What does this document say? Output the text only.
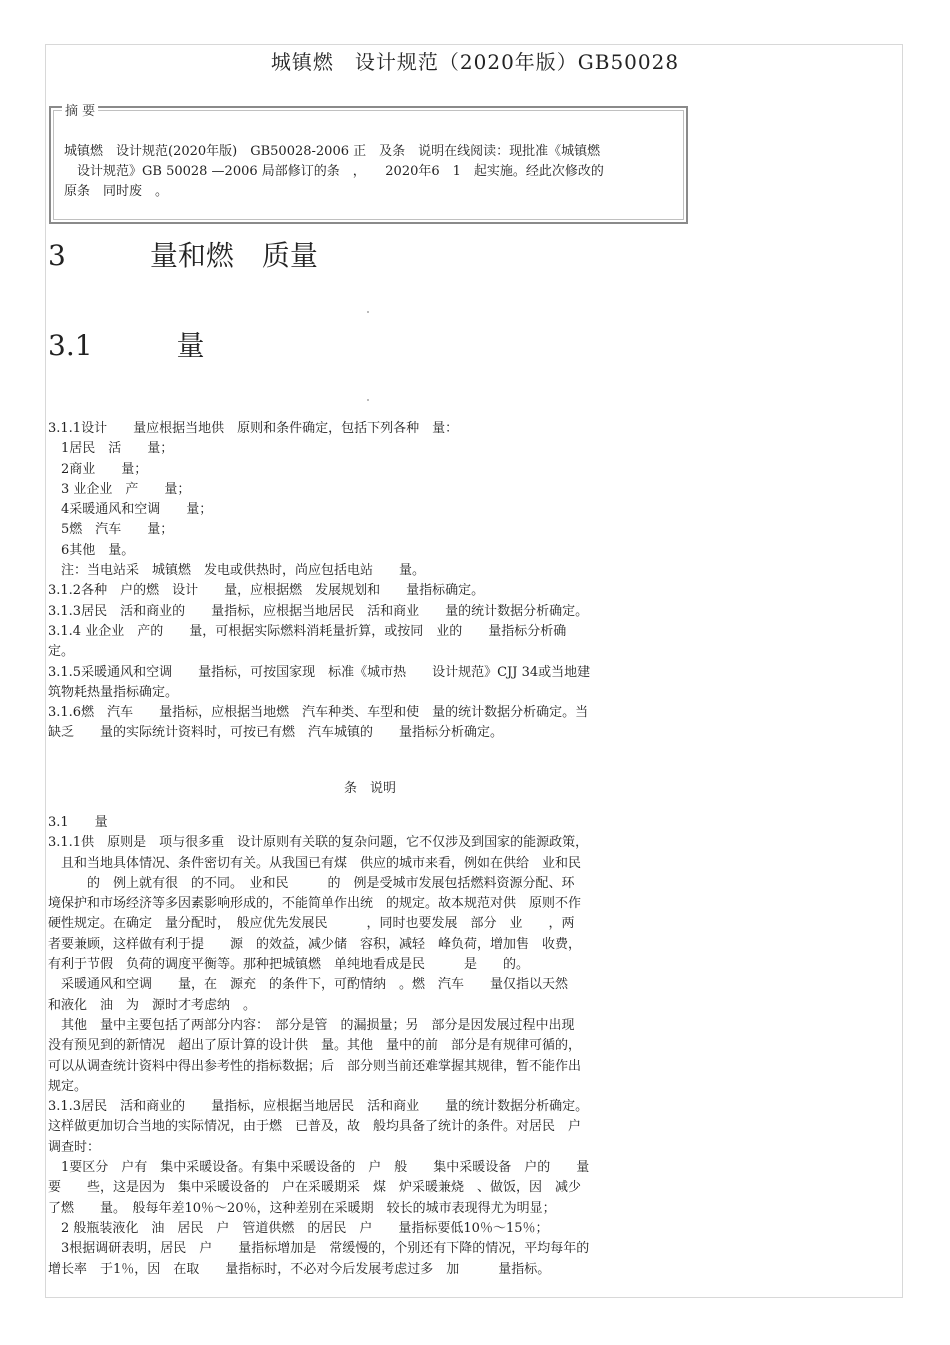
城镇燃　设计规范（2020年版）GB50028
摘 要

城镇燃　设计规范(2020年版)　GB50028-2006 正　及条　说明在线阅读：现批准《城镇燃

　设计规范》GB 50028 —2006 局部修订的条　，　　2020年6　1　起实施。经此次修改的

原条　同时废　。

3　　　量和燃　质量
3.1　　　量

3.1.1设计　　量应根据当地供　原则和条件确定，包括下列各种　量：

　1居民　活　　量；

　2商业　　量；

　3 业企业　产　　量；

　4采暖通风和空调　　量；

　5燃　汽车　　量；

　6其他　量。

　注：当电站采　城镇燃　发电或供热时，尚应包括电站　　量。

3.1.2各种　户的燃　设计　　量，应根据燃　发展规划和　　量指标确定。

3.1.3居民　活和商业的　　量指标，应根据当地居民　活和商业　　量的统计数据分析确定。

3.1.4 业企业　产的　　量，可根据实际燃料消耗量折算，或按同　业的　　量指标分析确

定。

3.1.5采暖通风和空调　　量指标，可按国家现　标准《城市热　　设计规范》CJJ 34或当地建

筑物耗热量指标确定。

3.1.6燃　汽车　　量指标，应根据当地燃　汽车种类、车型和使　量的统计数据分析确定。当

缺乏　　量的实际统计资料时，可按已有燃　汽车城镇的　　量指标分析确定。

条　说明

3.1　　量

3.1.1供　原则是　项与很多重　设计原则有关联的复杂问题，它不仅涉及到国家的能源政策，

　且和当地具体情况、条件密切有关。从我国已有煤　供应的城市来看，例如在供给　业和民

　　　的　例上就有很　的不同。　业和民　　　的　例是受城市发展包括燃料资源分配、环

境保护和市场经济等多因素影响形成的，不能简单作出统　的规定。故本规范对供　原则不作

硬性规定。在确定　量分配时，　般应优先发展民　　　，同时也要发展　部分　业　　，两

者要兼顾，这样做有利于提　　源　的效益，减少储　容积，减轻　峰负荷，增加售　收费，

有利于节假　负荷的调度平衡等。那种把城镇燃　单纯地看成是民　　　是　　的。

　采暖通风和空调　　量，在　源充　的条件下，可酌情纳　。燃　汽车　　量仅指以天然

和液化　油　为　源时才考虑纳　。

　其他　量中主要包括了两部分内容：　部分是管　的漏损量；另　部分是因发展过程中出现

没有预见到的新情况　超出了原计算的设计供　量。其他　量中的前　部分是有规律可循的，

可以从调查统计资料中得出参考性的指标数据；后　部分则当前还难掌握其规律，暂不能作出

规定。

3.1.3居民　活和商业的　　量指标，应根据当地居民　活和商业　　量的统计数据分析确定。

这样做更加切合当地的实际情况，由于燃　已普及，故　般均具备了统计的条件。对居民　户

调查时：

　1要区分　户有　集中采暖设备。有集中采暖设备的　户　般　　集中采暖设备　户的　　量

要　　些，这是因为　集中采暖设备的　户在采暖期采　煤　炉采暖兼烧　、做饭，因　减少

了燃　　量。　般每年差10％～20％，这种差别在采暖期　较长的城市表现得尤为明显；

　2 般瓶装液化　油　居民　户　管道供燃　的居民　户　　量指标要低10％～15％；

　3根据调研表明，居民　户　　量指标增加是　常缓慢的，个别还有下降的情况，平均每年的

增长率　于1％，因　在取　　量指标时，不必对今后发展考虑过多　加　　　量指标。
